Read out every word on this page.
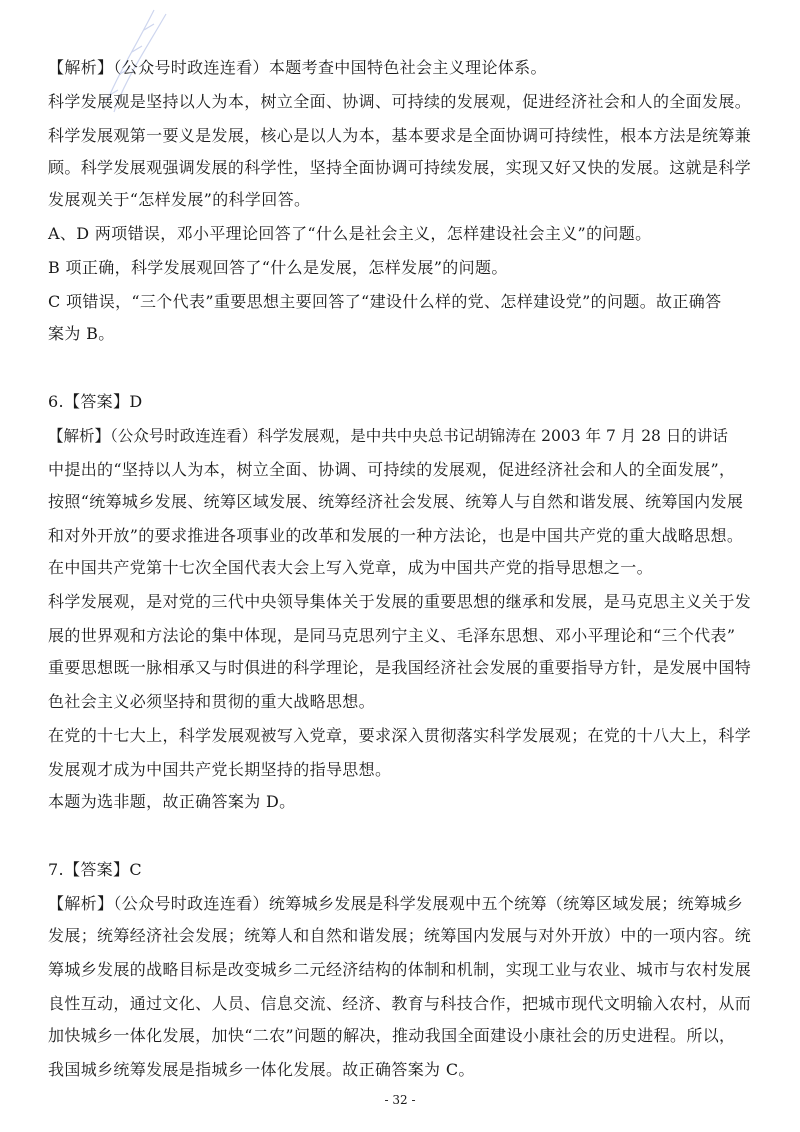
【解析】（公众号时政连连看）本题考查中国特色社会主义理论体系。
科学发展观是坚持以人为本，树立全面、协调、可持续的发展观，促进经济社会和人的全面发展。
科学发展观第一要义是发展，核心是以人为本，基本要求是全面协调可持续性，根本方法是统筹兼
顾。科学发展观强调发展的科学性，坚持全面协调可持续发展，实现又好又快的发展。这就是科学
发展观关于“怎样发展”的科学回答。
A、D 两项错误，邓小平理论回答了“什么是社会主义，怎样建设社会主义”的问题。
B 项正确，科学发展观回答了“什么是发展，怎样发展”的问题。
C 项错误，“三个代表”重要思想主要回答了“建设什么样的党、怎样建设党”的问题。故正确答
案为 B。
6.【答案】D
【解析】（公众号时政连连看）科学发展观，是中共中央总书记胡锦涛在 2003 年 7 月 28 日的讲话
中提出的“坚持以人为本，树立全面、协调、可持续的发展观，促进经济社会和人的全面发展”，
按照“统筹城乡发展、统筹区域发展、统筹经济社会发展、统筹人与自然和谐发展、统筹国内发展
和对外开放”的要求推进各项事业的改革和发展的一种方法论，也是中国共产党的重大战略思想。
在中国共产党第十七次全国代表大会上写入党章，成为中国共产党的指导思想之一。
科学发展观，是对党的三代中央领导集体关于发展的重要思想的继承和发展，是马克思主义关于发
展的世界观和方法论的集中体现，是同马克思列宁主义、毛泽东思想、邓小平理论和“三个代表”
重要思想既一脉相承又与时俱进的科学理论，是我国经济社会发展的重要指导方针，是发展中国特
色社会主义必须坚持和贯彻的重大战略思想。
在党的十七大上，科学发展观被写入党章，要求深入贯彻落实科学发展观；在党的十八大上，科学
发展观才成为中国共产党长期坚持的指导思想。
本题为选非题，故正确答案为 D。
7.【答案】C
【解析】（公众号时政连连看）统筹城乡发展是科学发展观中五个统筹（统筹区域发展；统筹城乡
发展；统筹经济社会发展；统筹人和自然和谐发展；统筹国内发展与对外开放）中的一项内容。统
筹城乡发展的战略目标是改变城乡二元经济结构的体制和机制，实现工业与农业、城市与农村发展
良性互动，通过文化、人员、信息交流、经济、教育与科技合作，把城市现代文明输入农村，从而
加快城乡一体化发展，加快“二农”问题的解决，推动我国全面建设小康社会的历史进程。所以，
我国城乡统筹发展是指城乡一体化发展。故正确答案为 C。
- 32 -
